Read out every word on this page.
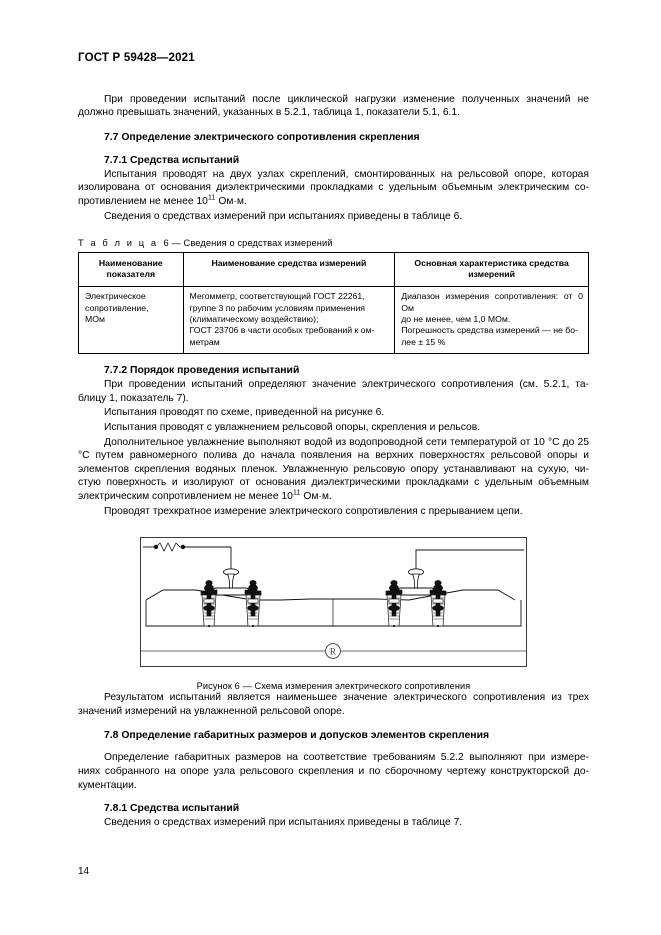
ГОСТ Р 59428—2021

При проведении испытаний после циклической нагрузки изменение полученных значений не должно превышать значений, указанных в 5.2.1, таблица 1, показатели 5.1, 6.1.

7.7 Определение электрического сопротивления скрепления
7.7.1 Средства испытаний

Испытания проводят на двух узлах скреплений, смонтированных на рельсовой опоре, которая изолирована от основания диэлектрическими прокладками с удельным объемным электрическим со- противлением не менее $10^{11}$ Ом·м.

Сведения о средствах измерений при испытаниях приведены в таблице 6.

Т а б л и ц а 6 — Сведения о средствах измерений
Наименование показателя	Наименование средства измерений	Основная характеристика средства измерений

Электрическое
сопротивление,
МОм	Мегомметр, соответствующий ГОСТ 22261,
группе 3 по рабочим условиям применения
(климатическому воздействию);
ГОСТ 23706 в части особых требований к ом-
метрам	Диапазон измерения сопротивления: от 0 Ом
до не менее, чем 1,0 МОм.
Погрешность средства измерений — не бо-
лее ± 15 %
7.7.2 Порядок проведения испытаний

При проведении испытаний определяют значение электрического сопротивления (см. 5.2.1, та- блицу 1, показатель 7).

Испытания проводят по схеме, приведенной на рисунке 6.

Испытания проводят с увлажнением рельсовой опоры, скрепления и рельсов.

Дополнительное увлажнение выполняют водой из водопроводной сети температурой от 10 °С до 25 °С путем равномерного полива до начала появления на верхних поверхностях рельсовой опоры и элементов скрепления водяных пленок. Увлажненную рельсовую опору устанавливают на сухую, чи- стую поверхность и изолируют от основания диэлектрическими прокладками с удельным объемным электрическим сопротивлением не менее $10^{11}$ Ом·м.

Проводят трехкратное измерение электрического сопротивления с прерыванием цепи.

R
Рисунок 6 — Схема измерения электрического сопротивления

Результатом испытаний является наименьшее значение электрического сопротивления из трех значений измерений на увлажненной рельсовой опоре.

7.8 Определение габаритных размеров и допусков элементов скрепления

Определение габаритных размеров на соответствие требованиям 5.2.2 выполняют при измере- ниях собранного на опоре узла рельсового скрепления и по сборочному чертежу конструкторской до- кументации.

7.8.1 Средства испытаний

Сведения о средствах измерений при испытаниях приведены в таблице 7.

14
